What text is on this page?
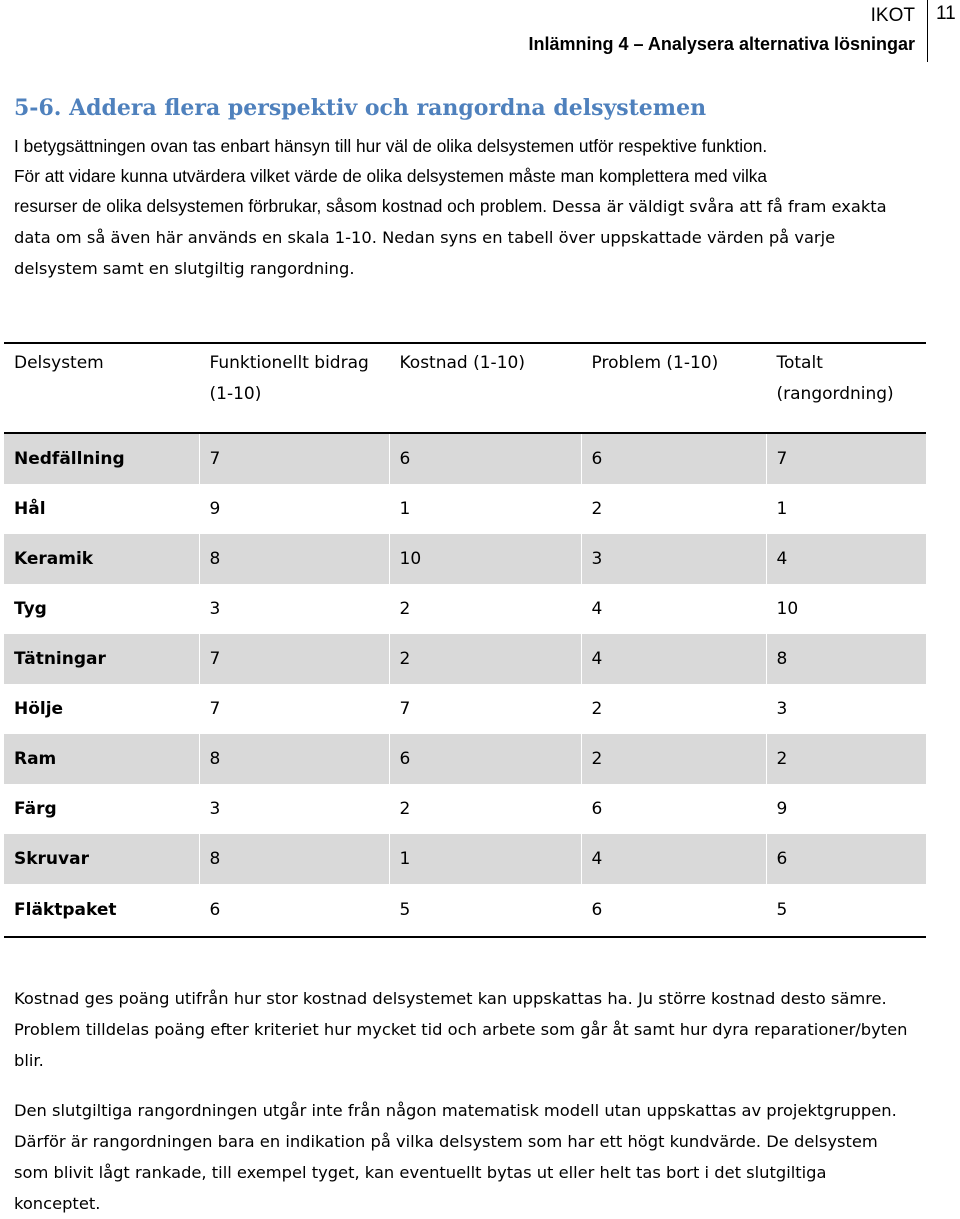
IKOT
Inlämning 4 – Analysera alternativa lösningar
11
5-6. Addera flera perspektiv och rangordna delsystemen
I betygsättningen ovan tas enbart hänsyn till hur väl de olika delsystemen utför respektive funktion.
För att vidare kunna utvärdera vilket värde de olika delsystemen måste man komplettera med vilka
resurser de olika delsystemen förbrukar, såsom kostnad och problem. Dessa är väldigt svåra att få fram exakta data om så även här används en skala 1-10. Nedan syns en tabell över uppskattade värden på varje delsystem samt en slutgiltig rangordning.
Delsystem	Funktionellt bidrag (1-10)	Kostnad (1-10)	Problem (1-10)	Totalt (rangordning)
Nedfällning	7	6	6	7
Hål	9	1	2	1
Keramik	8	10	3	4
Tyg	3	2	4	10
Tätningar	7	2	4	8
Hölje	7	7	2	3
Ram	8	6	2	2
Färg	3	2	6	9
Skruvar	8	1	4	6
Fläktpaket	6	5	6	5

Kostnad ges poäng utifrån hur stor kostnad delsystemet kan uppskattas ha. Ju större kostnad desto sämre. Problem tilldelas poäng efter kriteriet hur mycket tid och arbete som går åt samt hur dyra reparationer/byten blir.

Den slutgiltiga rangordningen utgår inte från någon matematisk modell utan uppskattas av projektgruppen. Därför är rangordningen bara en indikation på vilka delsystem som har ett högt kundvärde. De delsystem som blivit lågt rankade, till exempel tyget, kan eventuellt bytas ut eller helt tas bort i det slutgiltiga konceptet.
